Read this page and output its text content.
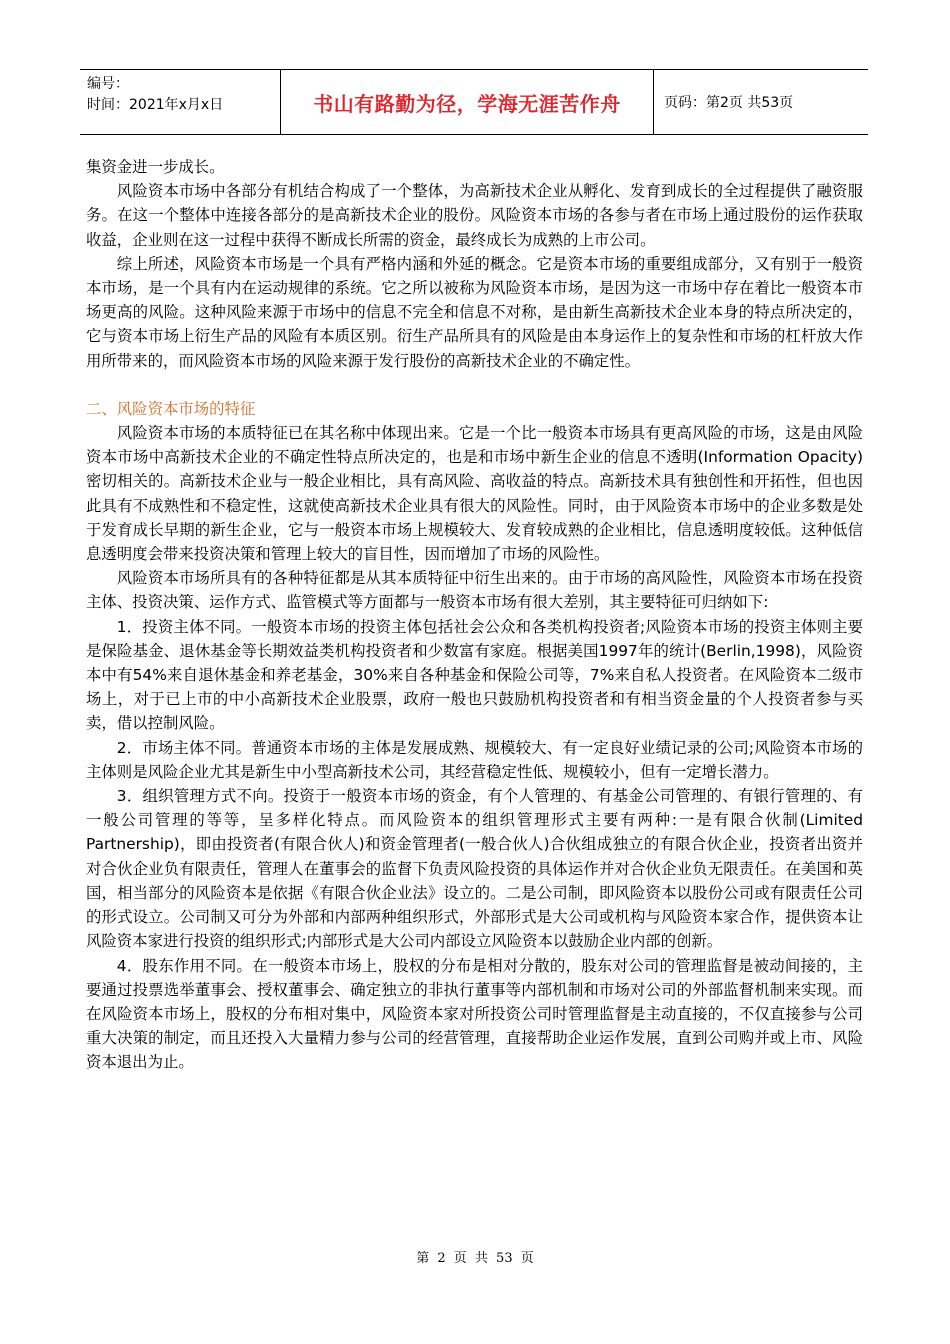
编号：
时间：2021年x月x日	书山有路勤为径，学海无涯苦作舟	页码：第2页 共53页

集资金进一步成长。

风险资本市场中各部分有机结合构成了一个整体，为高新技术企业从孵化、发育到成长的全过程提供了融资服务。在这一个整体中连接各部分的是高新技术企业的股份。风险资本市场的各参与者在市场上通过股份的运作获取收益，企业则在这一过程中获得不断成长所需的资金，最终成长为成熟的上市公司。

综上所述，风险资本市场是一个具有严格内涵和外延的概念。它是资本市场的重要组成部分，又有别于一般资本市场，是一个具有内在运动规律的系统。它之所以被称为风险资本市场，是因为这一市场中存在着比一般资本市场更高的风险。这种风险来源于市场中的信息不完全和信息不对称，是由新生高新技术企业本身的特点所决定的，它与资本市场上衍生产品的风险有本质区别。衍生产品所具有的风险是由本身运作上的复杂性和市场的杠杆放大作用所带来的，而风险资本市场的风险来源于发行股份的高新技术企业的不确定性。

二、风险资本市场的特征

风险资本市场的本质特征已在其名称中体现出来。它是一个比一般资本市场具有更高风险的市场，这是由风险资本市场中高新技术企业的不确定性特点所决定的，也是和市场中新生企业的信息不透明(Information Opacity)密切相关的。高新技术企业与一般企业相比，具有高风险、高收益的特点。高新技术具有独创性和开拓性，但也因此具有不成熟性和不稳定性，这就使高新技术企业具有很大的风险性。同时，由于风险资本市场中的企业多数是处于发育成长早期的新生企业，它与一般资本市场上规模较大、发育较成熟的企业相比，信息透明度较低。这种低信息透明度会带来投资决策和管理上较大的盲目性，因而增加了市场的风险性。

风险资本市场所具有的各种特征都是从其本质特征中衍生出来的。由于市场的高风险性，风险资本市场在投资主体、投资决策、运作方式、监管模式等方面都与一般资本市场有很大差别，其主要特征可归纳如下:

1．投资主体不同。一般资本市场的投资主体包括社会公众和各类机构投资者;风险资本市场的投资主体则主要是保险基金、退休基金等长期效益类机构投资者和少数富有家庭。根据美国1997年的统计(Berlin,1998)，风险资本中有54%来自退休基金和养老基金，30%来自各种基金和保险公司等，7%来自私人投资者。在风险资本二级市场上，对于已上市的中小高新技术企业股票，政府一般也只鼓励机构投资者和有相当资金量的个人投资者参与买卖，借以控制风险。

2．市场主体不同。普通资本市场的主体是发展成熟、规模较大、有一定良好业绩记录的公司;风险资本市场的主体则是风险企业尤其是新生中小型高新技术公司，其经营稳定性低、规模较小，但有一定增长潜力。

3．组织管理方式不向。投资于一般资本市场的资金，有个人管理的、有基金公司管理的、有银行管理的、有一般公司管理的等等，呈多样化特点。而风险资本的组织管理形式主要有两种:一是有限合伙制(Limited Partnership)，即由投资者(有限合伙人)和资金管理者(一般合伙人)合伙组成独立的有限合伙企业，投资者出资并对合伙企业负有限责任，管理人在董事会的监督下负责风险投资的具体运作并对合伙企业负无限责任。在美国和英国，相当部分的风险资本是依据《有限合伙企业法》设立的。二是公司制，即风险资本以股份公司或有限责任公司的形式设立。公司制又可分为外部和内部两种组织形式，外部形式是大公司或机构与风险资本家合作，提供资本让风险资本家进行投资的组织形式;内部形式是大公司内部设立风险资本以鼓励企业内部的创新。

4．股东作用不同。在一般资本市场上，股权的分布是相对分散的，股东对公司的管理监督是被动间接的，主要通过投票选举董事会、授权董事会、确定独立的非执行董事等内部机制和市场对公司的外部监督机制来实现。而在风险资本市场上，股权的分布相对集中，风险资本家对所投资公司时管理监督是主动直接的，不仅直接参与公司重大决策的制定，而且还投入大量精力参与公司的经营管理，直接帮助企业运作发展，直到公司购并或上市、风险资本退出为止。

第 2 页 共 53 页
